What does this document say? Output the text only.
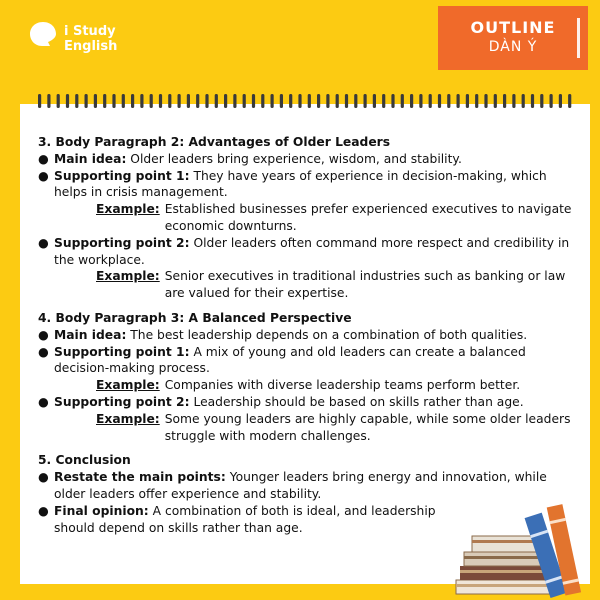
i Study
English
OUTLINE
DÀN Ý
3. Body Paragraph 2: Advantages of Older Leaders
● Main idea: Older leaders bring experience, wisdom, and stability.
● Supporting point 1: They have years of experience in decision-making, which helps in crisis management.
Example: Established businesses prefer experienced executives to navigate economic downturns.
● Supporting point 2: Older leaders often command more respect and credibility in the workplace.
Example: Senior executives in traditional industries such as banking or law are valued for their expertise.
4. Body Paragraph 3: A Balanced Perspective
● Main idea: The best leadership depends on a combination of both qualities.
● Supporting point 1: A mix of young and old leaders can create a balanced decision-making process.
Example: Companies with diverse leadership teams perform better.
● Supporting point 2: Leadership should be based on skills rather than age.
Example: Some young leaders are highly capable, while some older leaders struggle with modern challenges.
5. Conclusion
● Restate the main points: Younger leaders bring energy and innovation, while older leaders offer experience and stability.
● Final opinion: A combination of both is ideal, and leadership should depend on skills rather than age.
